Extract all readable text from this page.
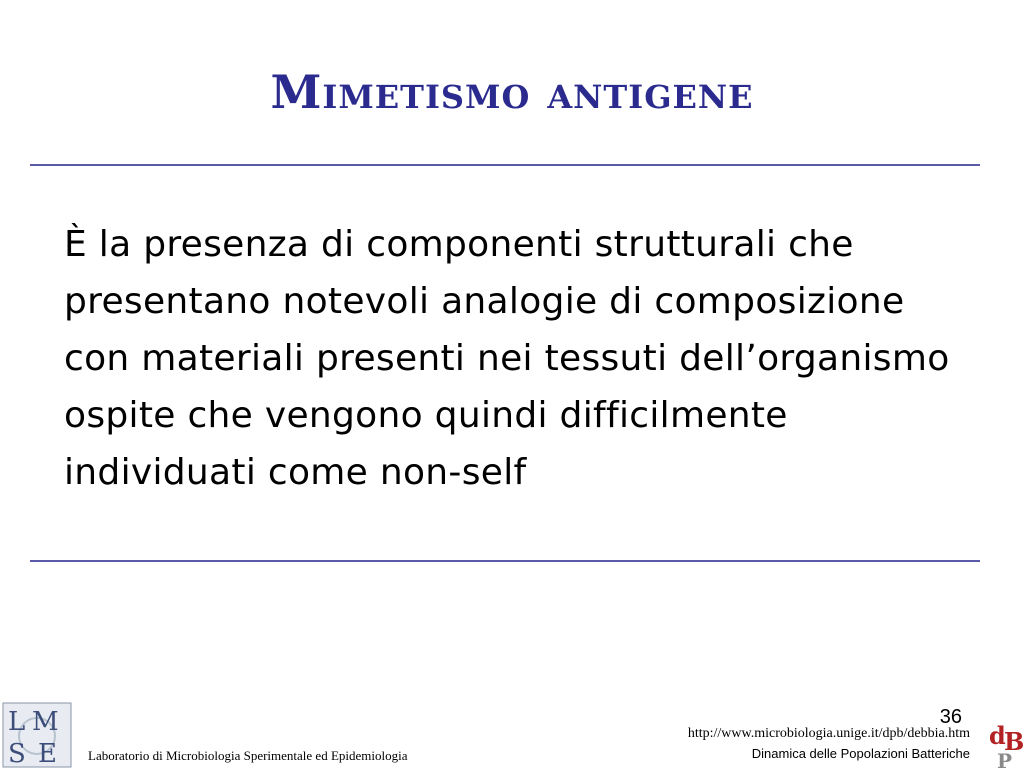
Mimetismo antigene
È la presenza di componenti strutturali che presentano notevoli analogie di composizione con materiali presenti nei tessuti dell’organismo ospite che vengono quindi difficilmente individuati come non-self
L M
S E Laboratorio di Microbiologia Sperimentale ed Epidemiologia
36
http://www.microbiologia.unige.it/dpb/debbia.htm
Dinamica delle Popolazioni Batteriche
d
B
P
